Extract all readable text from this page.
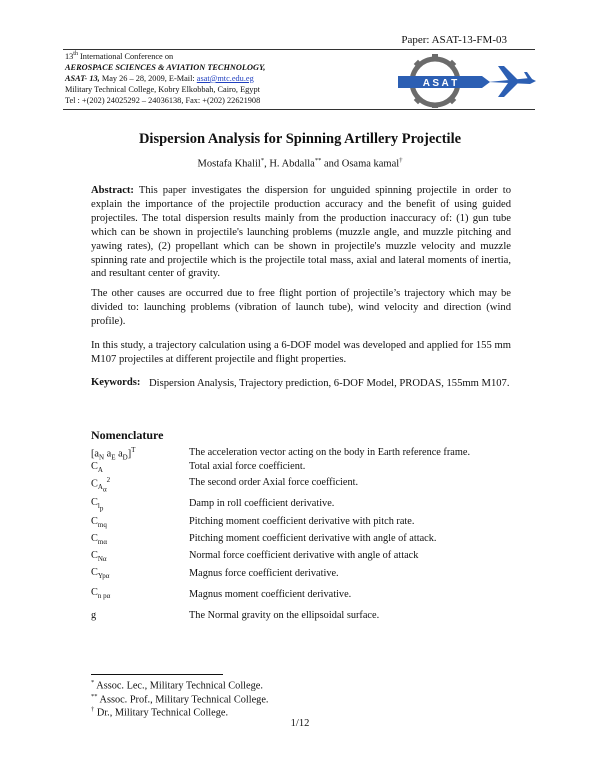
Paper: ASAT-13-FM-03
13th International Conference on
AEROSPACE SCIENCES & AVIATION TECHNOLOGY,
ASAT- 13, May 26 – 28, 2009, E-Mail: asat@mtc.edu.eg
Military Technical College, Kobry Elkobbah, Cairo, Egypt
Tel : +(202) 24025292 – 24036138, Fax: +(202) 22621908
A S A T
Dispersion Analysis for Spinning Artillery Projectile
Mostafa Khalil*, H. Abdalla** and Osama kamal†
Abstract: This paper investigates the dispersion for unguided spinning projectile in order to explain the importance of the projectile production accuracy and the benefit of using guided projectiles. The total dispersion results mainly from the production inaccuracy of: (1) gun tube which can be shown in projectile's launching problems (muzzle angle, and muzzle pitching and yawing rates), (2) propellant which can be shown in projectile's muzzle velocity and muzzle spinning rate and projectile which is the projectile total mass, axial and lateral moments of inertia, and resultant center of gravity.
The other causes are occurred due to free flight portion of projectile’s trajectory which may be divided to: launching problems (vibration of launch tube), wind velocity and direction (wind profile).
In this study, a trajectory calculation using a 6-DOF model was developed and applied for 155 mm M107 projectiles at different projectile and flight properties.
Keywords: Dispersion Analysis, Trajectory prediction, 6-DOF Model, PRODAS, 155mm M107.
Nomenclature
[$a_N$ $a_E$ $a_D]^T$	The acceleration vector acting on the body in Earth reference frame.
$C_A$	Total axial force coefficient.
$C_{A_\alpha}^2$	The second order Axial force coefficient.
$C_{l_p}$	Damp in roll coefficient derivative.
$C_{mq}$	Pitching moment coefficient derivative with pitch rate.
$C_{m\alpha}$	Pitching moment coefficient derivative with angle of attack.
$C_{N\alpha}$	Normal force coefficient derivative with angle of attack
$C_{Yp\alpha}$	Magnus force coefficient derivative.
$C_{n p\alpha}$	Magnus moment coefficient derivative.
g	The Normal gravity on the ellipsoidal surface.
* Assoc. Lec., Military Technical College.
** Assoc. Prof., Military Technical College.
† Dr., Military Technical College.
1/12
